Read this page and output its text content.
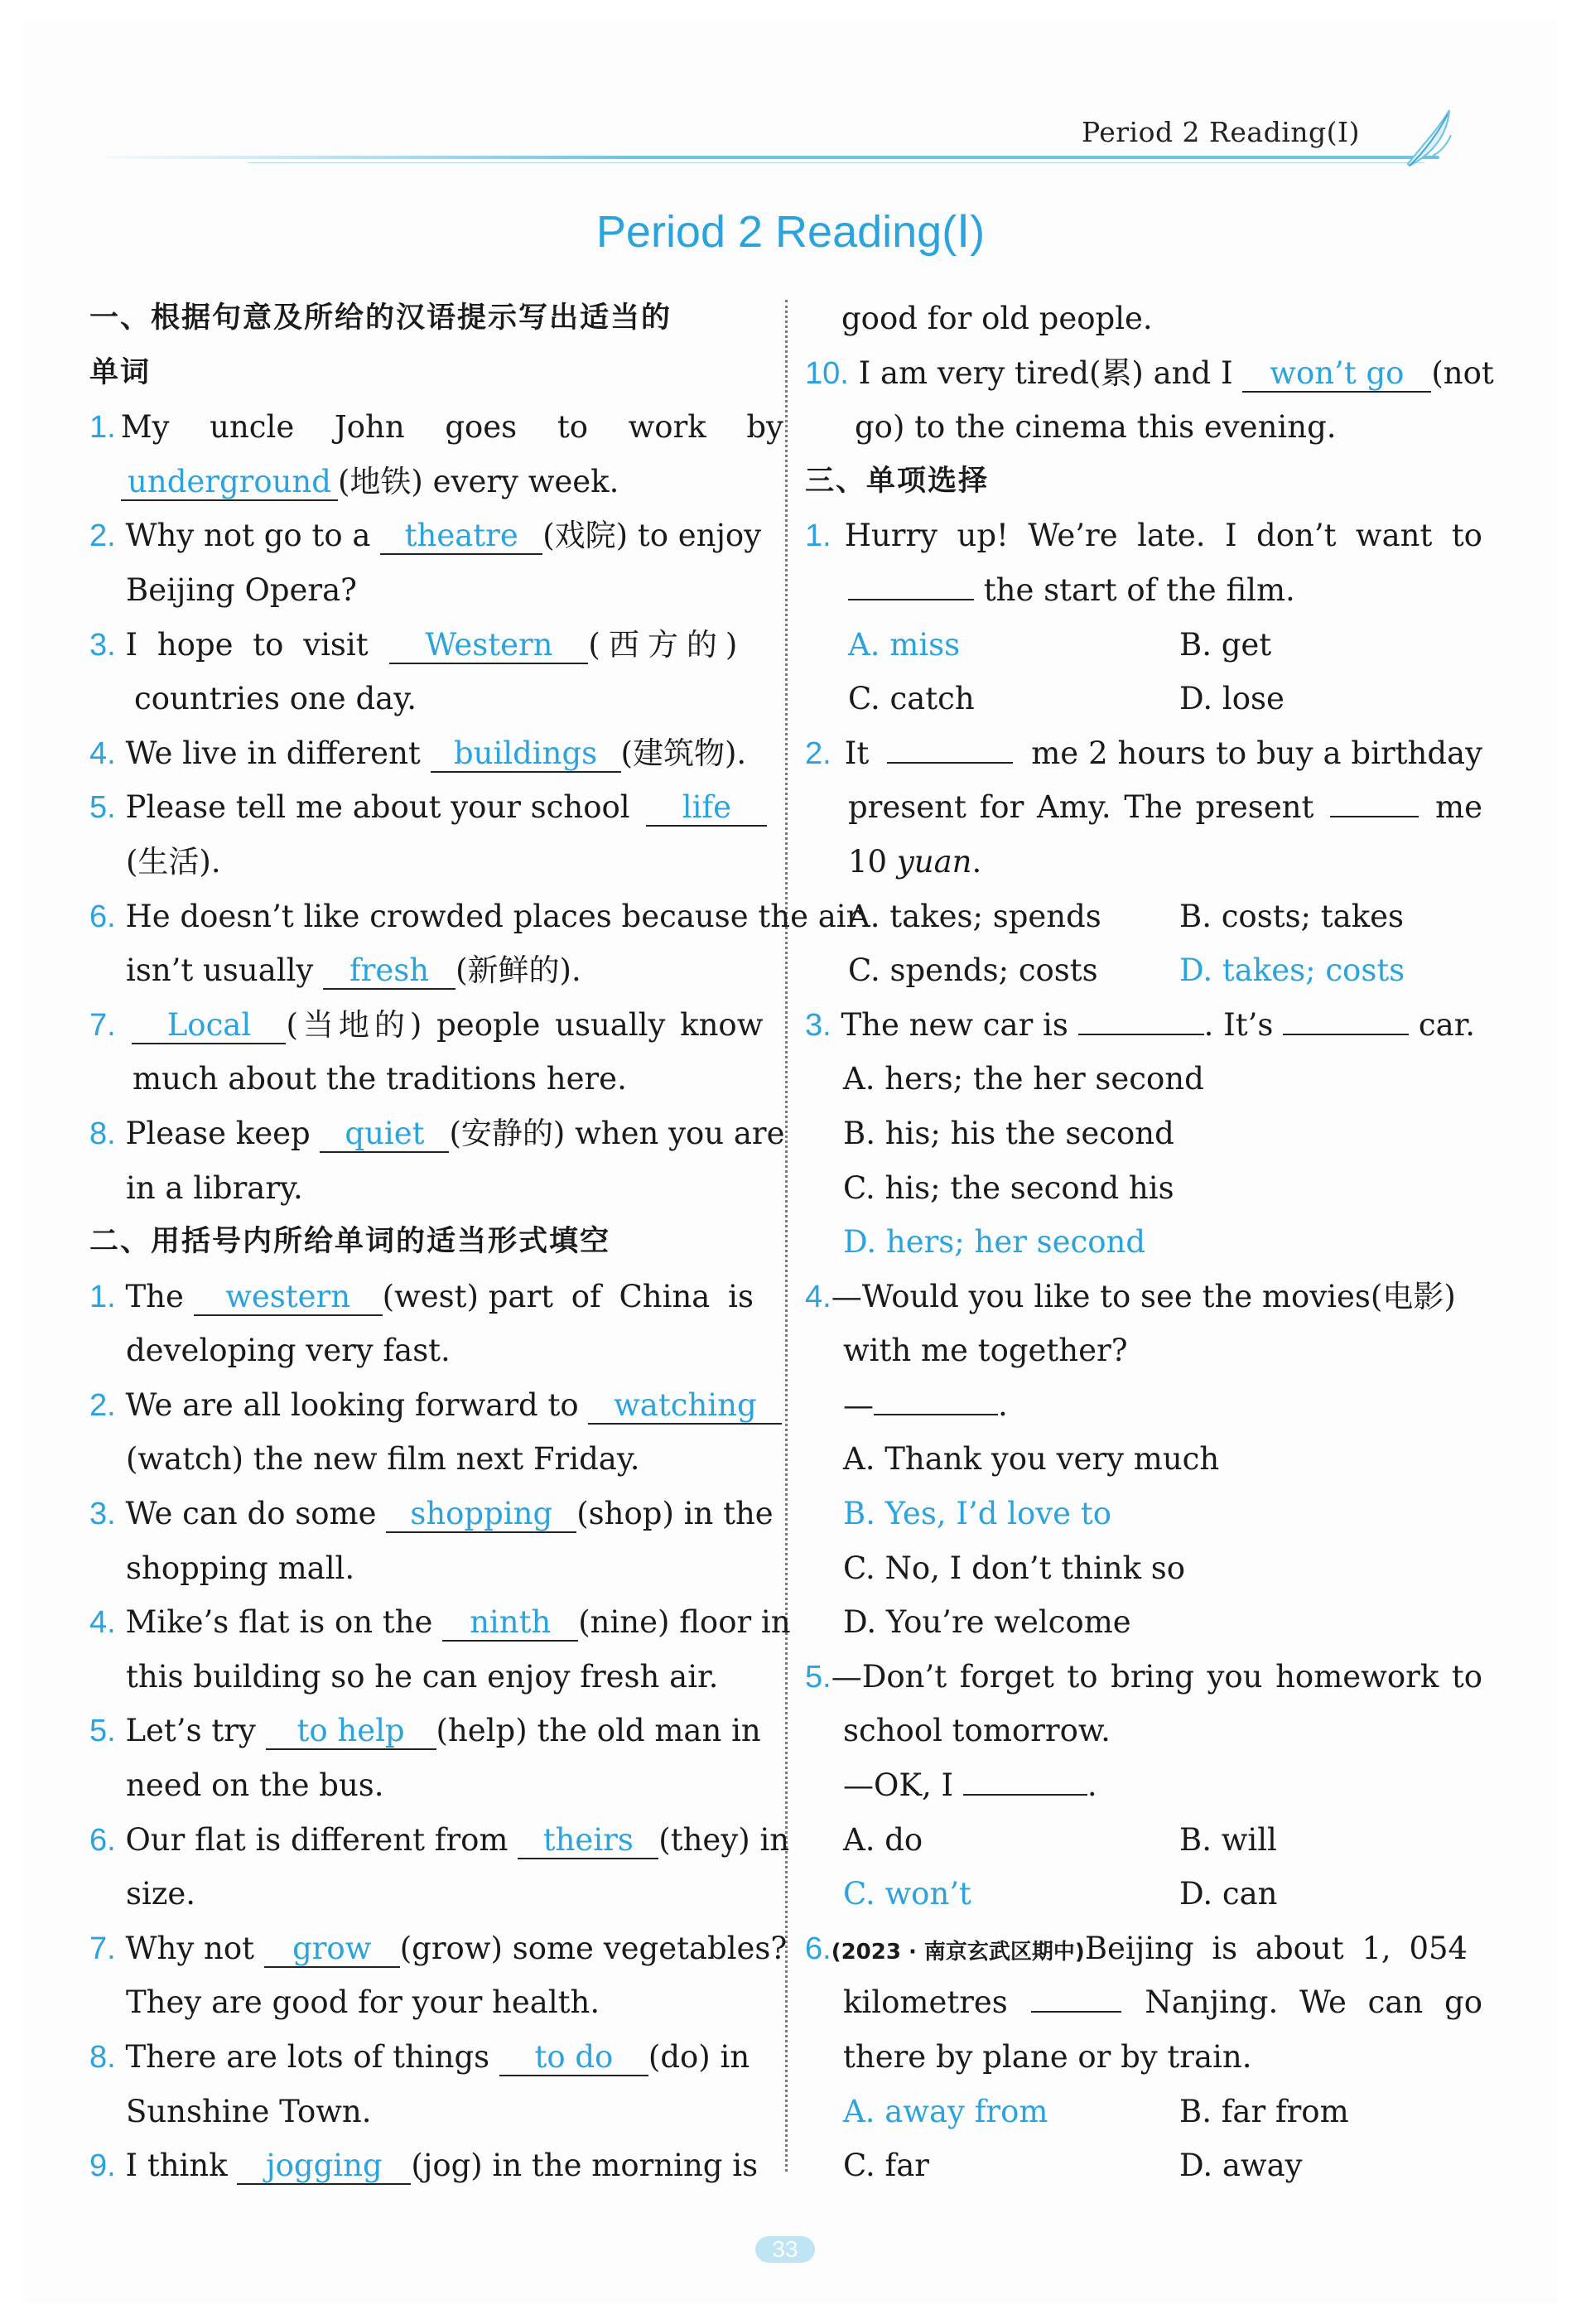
Period 2 Reading(Ⅰ)
Period 2 Reading(Ⅰ)
一、根据句意及所给的汉语提示写出适当的
单词
1. My uncle John goes to work by
underground (地铁) every week.
2. Why not go to a theatre (戏院) to enjoy
Beijing Opera?
3. I hope to visit Western (西方的)
countries one day.
4. We live in different buildings (建筑物).
5. Please tell me about your school life
(生活).
6. He doesn’t like crowded places because the air
isn’t usually fresh (新鲜的).
7. Local (当地的) people usually know
much about the traditions here.
8. Please keep quiet (安静的) when you are
in a library.
二、用括号内所给单词的适当形式填空
1. The western (west) part of China is
developing very fast.
2. We are all looking forward to watching
(watch) the new film next Friday.
3. We can do some shopping (shop) in the
shopping mall.
4. Mike’s flat is on the ninth (nine) floor in
this building so he can enjoy fresh air.
5. Let’s try to help (help) the old man in
need on the bus.
6. Our flat is different from theirs (they) in
size.
7. Why not grow (grow) some vegetables?
They are good for your health.
8. There are lots of things to do (do) in
Sunshine Town.
9. I think jogging (jog) in the morning is
good for old people.
10. I am very tired(累) and I won’t go (not
go) to the cinema this evening.
三、单项选择
1. Hurry up! We’re late. I don’t want to
the start of the film.
A. miss	B. get
C. catch	D. lose
2. It	me 2 hours to buy a birthday
present for Amy. The present	me
10 yuan.
A. takes; spends	B. costs; takes
C. spends; costs	D. takes; costs
3. The new car is	. It’s	car.
A. hers; the her second
B. his; his the second
C. his; the second his
D. hers; her second
4.—Would you like to see the movies(电影)
with me together?
—	.
A. Thank you very much
B. Yes, I’d love to
C. No, I don’t think so
D. You’re welcome
5. —Don’t forget to bring you homework to
school tomorrow.
—OK, I	.
A. do	B. will
C. won’t	D. can
6.(2023 · 南京玄武区期中)Beijing is about 1, 054
kilometres	Nanjing. We can go
there by plane or by train.
A. away from	B. far from
C. far	D. away
33
